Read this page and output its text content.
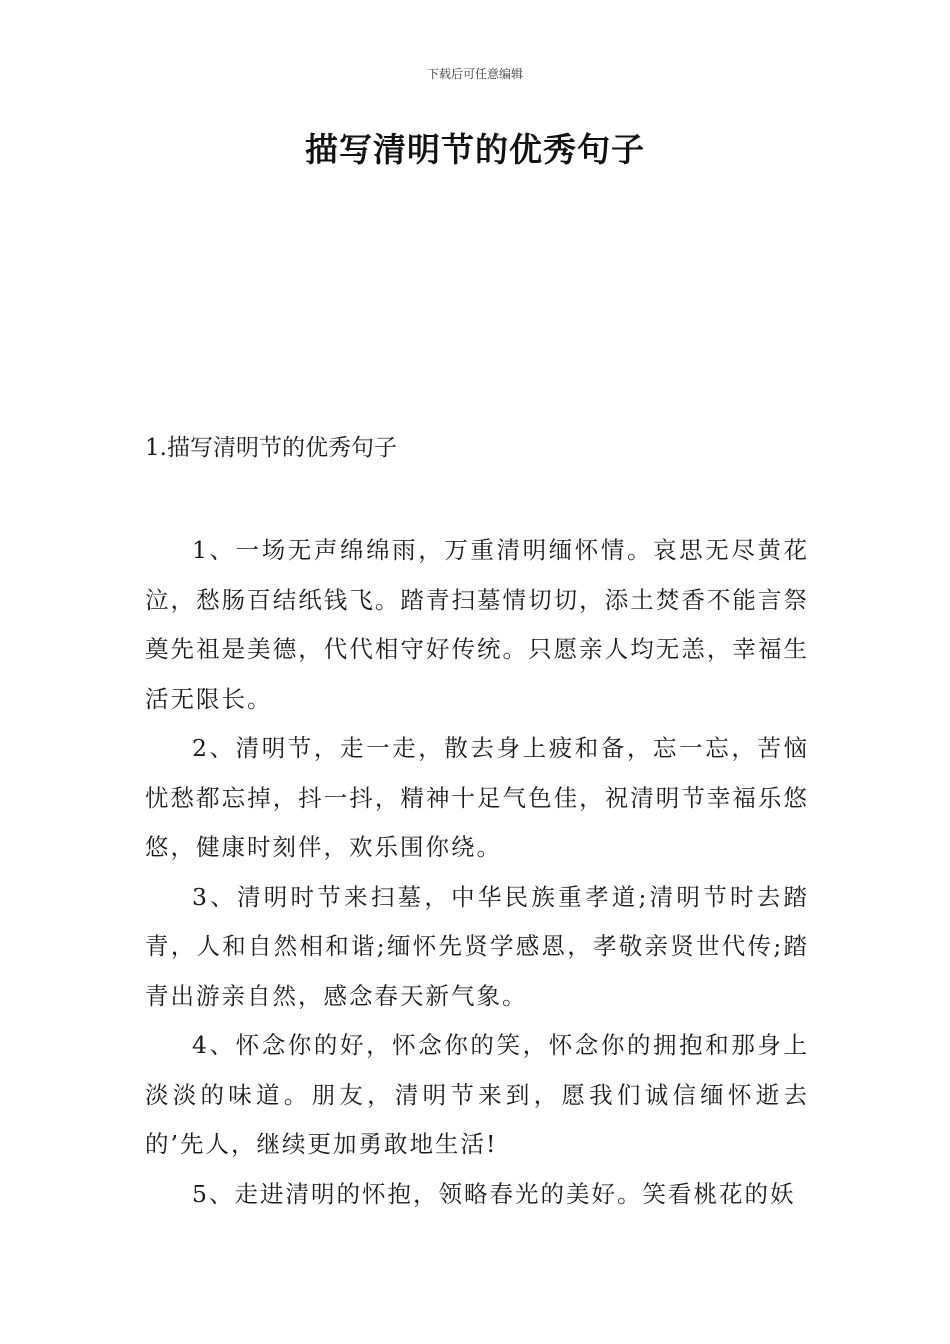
下载后可任意编辑
描写清明节的优秀句子
1.描写清明节的优秀句子

1、一场无声绵绵雨，万重清明缅怀情。哀思无尽黄花泣，愁肠百结纸钱飞。踏青扫墓情切切，添土焚香不能言祭奠先祖是美德，代代相守好传统。只愿亲人均无恙，幸福生活无限长。

2、清明节，走一走，散去身上疲和备，忘一忘，苦恼忧愁都忘掉，抖一抖，精神十足气色佳，祝清明节幸福乐悠悠，健康时刻伴，欢乐围你绕。

3、清明时节来扫墓，中华民族重孝道;清明节时去踏青，人和自然相和谐;缅怀先贤学感恩，孝敬亲贤世代传;踏青出游亲自然，感念春天新气象。

4、怀念你的好，怀念你的笑，怀念你的拥抱和那身上淡淡的味道。朋友，清明节来到，愿我们诚信缅怀逝去的’先人，继续更加勇敢地生活!

5、走进清明的怀抱，领略春光的美好。笑看桃花的妖
